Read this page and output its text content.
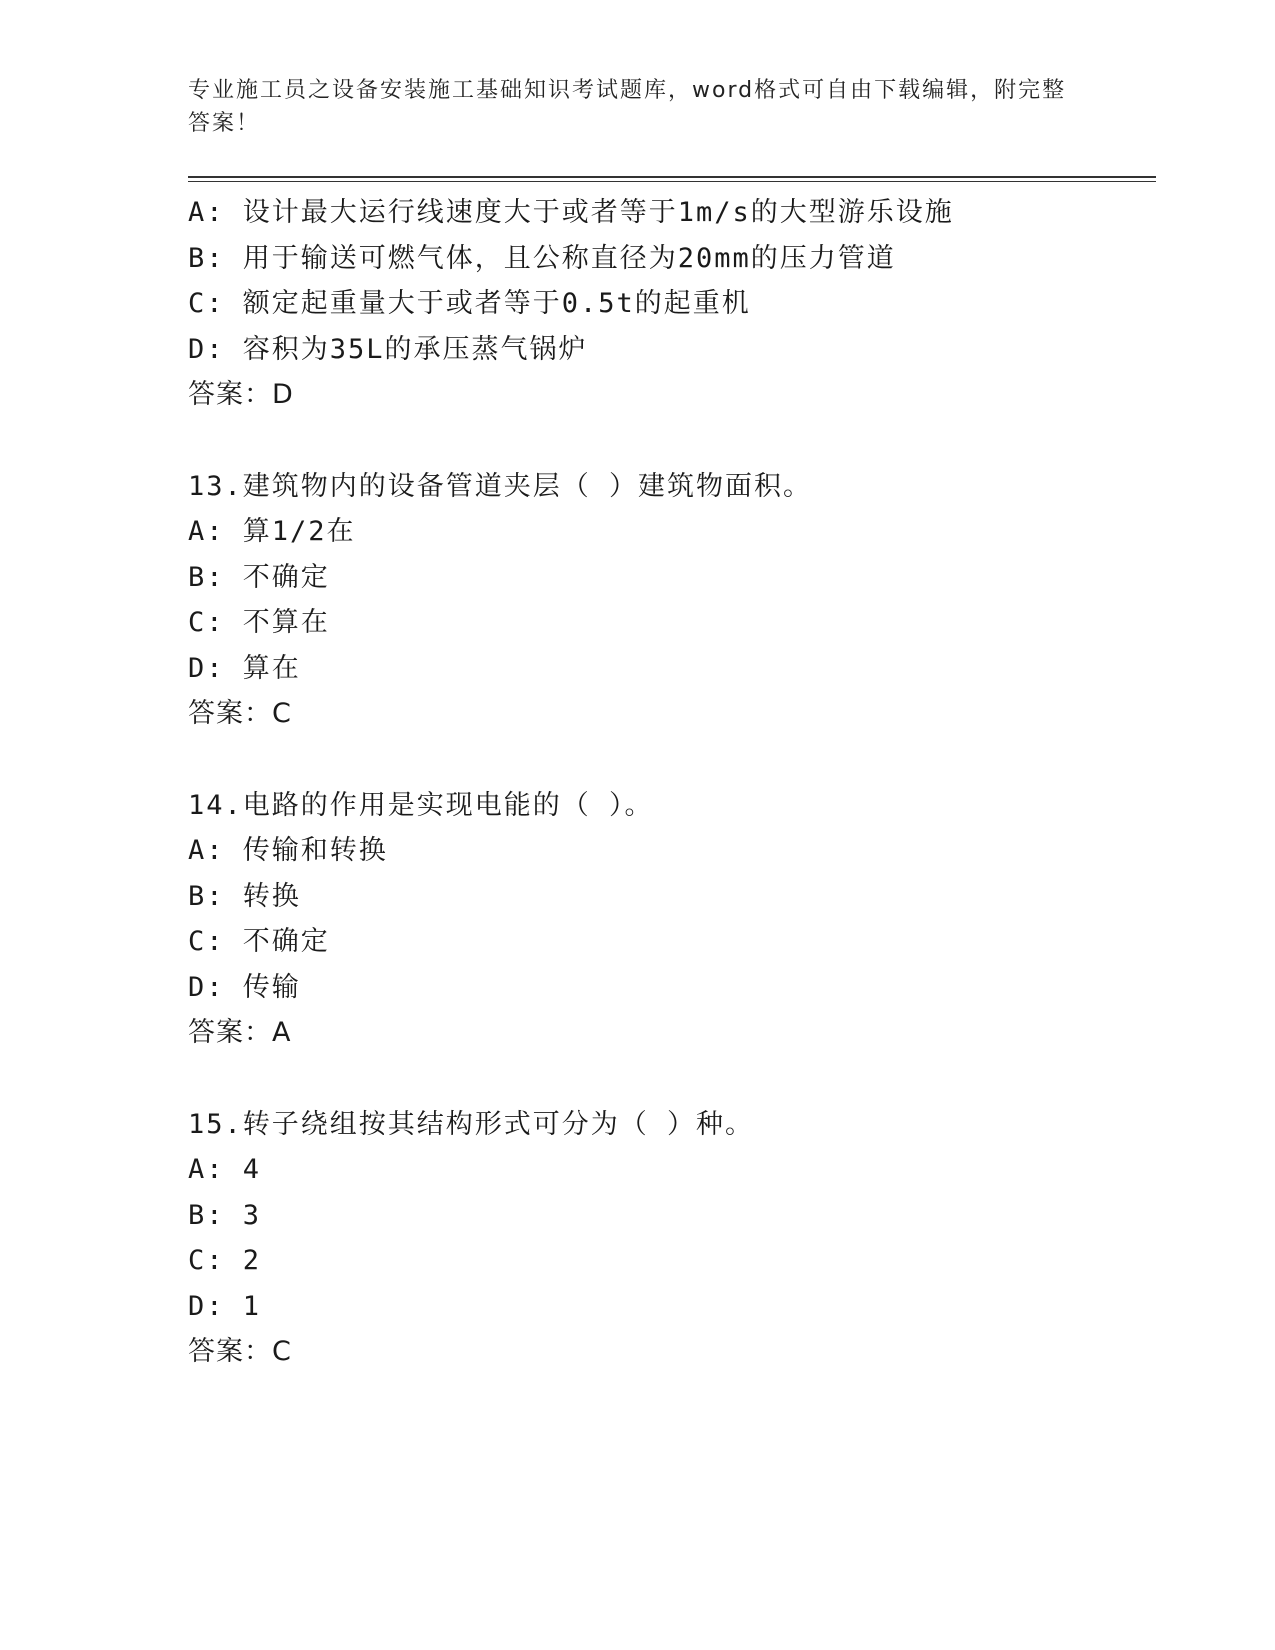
专业施工员之设备安装施工基础知识考试题库，word格式可自由下载编辑，附完整答案！
A: 设计最大运行线速度大于或者等于1m/s的大型游乐设施
B: 用于输送可燃气体，且公称直径为20mm的压力管道
C: 额定起重量大于或者等于0.5t的起重机
D: 容积为35L的承压蒸气锅炉
答案：D
13.建筑物内的设备管道夹层（ ）建筑物面积。
A: 算1/2在
B: 不确定
C: 不算在
D: 算在
答案：C
14.电路的作用是实现电能的（ ）。
A: 传输和转换
B: 转换
C: 不确定
D: 传输
答案：A
15.转子绕组按其结构形式可分为（ ）种。
A: 4
B: 3
C: 2
D: 1
答案：C
